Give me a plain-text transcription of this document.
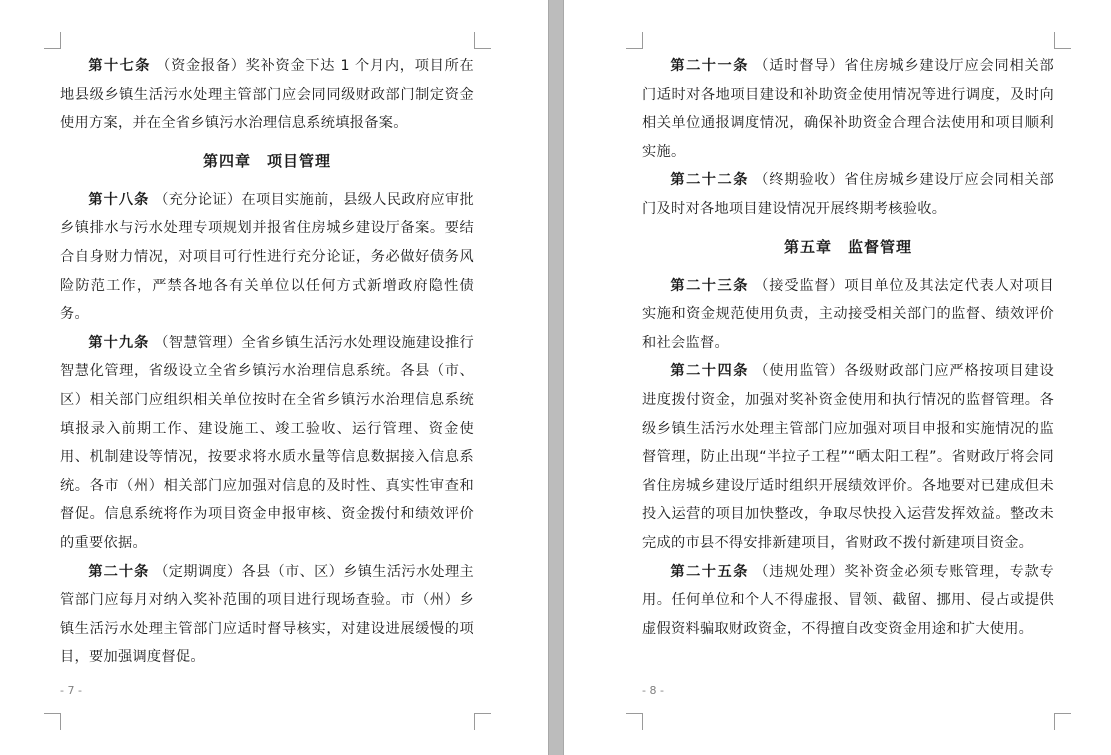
第十七条 （资金报备）奖补资金下达 1 个月内，项目所在地县级乡镇生活污水处理主管部门应会同同级财政部门制定资金使用方案，并在全省乡镇污水治理信息系统填报备案。

第四章　项目管理

第十八条 （充分论证）在项目实施前，县级人民政府应审批乡镇排水与污水处理专项规划并报省住房城乡建设厅备案。要结合自身财力情况，对项目可行性进行充分论证，务必做好债务风险防范工作，严禁各地各有关单位以任何方式新增政府隐性债务。

第十九条 （智慧管理）全省乡镇生活污水处理设施建设推行智慧化管理，省级设立全省乡镇污水治理信息系统。各县（市、区）相关部门应组织相关单位按时在全省乡镇污水治理信息系统填报录入前期工作、建设施工、竣工验收、运行管理、资金使用、机制建设等情况，按要求将水质水量等信息数据接入信息系统。各市（州）相关部门应加强对信息的及时性、真实性审查和督促。信息系统将作为项目资金申报审核、资金拨付和绩效评价的重要依据。

第二十条 （定期调度）各县（市、区）乡镇生活污水处理主管部门应每月对纳入奖补范围的项目进行现场查验。市（州）乡镇生活污水处理主管部门应适时督导核实，对建设进展缓慢的项目，要加强调度督促。

- 7 -

第二十一条 （适时督导）省住房城乡建设厅应会同相关部门适时对各地项目建设和补助资金使用情况等进行调度，及时向相关单位通报调度情况，确保补助资金合理合法使用和项目顺利实施。

第二十二条 （终期验收）省住房城乡建设厅应会同相关部门及时对各地项目建设情况开展终期考核验收。

第五章　监督管理

第二十三条 （接受监督）项目单位及其法定代表人对项目实施和资金规范使用负责，主动接受相关部门的监督、绩效评价和社会监督。

第二十四条 （使用监管）各级财政部门应严格按项目建设进度拨付资金，加强对奖补资金使用和执行情况的监督管理。各级乡镇生活污水处理主管部门应加强对项目申报和实施情况的监督管理，防止出现“半拉子工程”“晒太阳工程”。省财政厅将会同省住房城乡建设厅适时组织开展绩效评价。各地要对已建成但未投入运营的项目加快整改，争取尽快投入运营发挥效益。整改未完成的市县不得安排新建项目，省财政不拨付新建项目资金。

第二十五条 （违规处理）奖补资金必须专账管理，专款专用。任何单位和个人不得虚报、冒领、截留、挪用、侵占或提供虚假资料骗取财政资金，不得擅自改变资金用途和扩大使用。

- 8 -
